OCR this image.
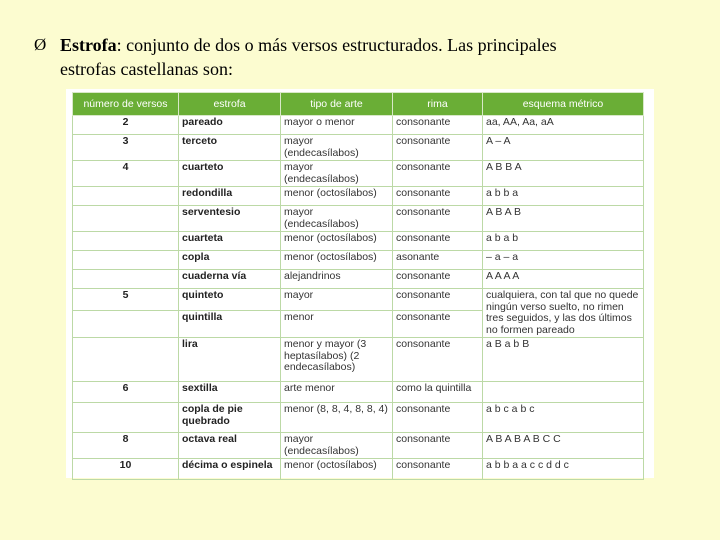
Ø Estrofa: conjunto de dos o más versos estructurados. Las principales
estrofas castellanas son:
número de versos	estrofa	tipo de arte	rima	esquema métrico
2	pareado	mayor o menor	consonante	aa, AA, Aa, aA
3	terceto	mayor (endecasílabos)	consonante	A – A
4	cuarteto	mayor (endecasílabos)	consonante	A B B A
	redondilla	menor (octosílabos)	consonante	a b b a
	serventesio	mayor (endecasílabos)	consonante	A B A B
	cuarteta	menor (octosílabos)	consonante	a b a b
	copla	menor (octosílabos)	asonante	– a – a
	cuaderna vía	alejandrinos	consonante	A A A A
5	quinteto	mayor	consonante	cualquiera, con tal que no quede ningún verso suelto, no rimen tres seguidos, y las dos últimos no formen pareado
	quintilla	menor	consonante	
	lira	menor y mayor (3 heptasílabos) (2 endecasílabos)	consonante	a B a b B
6	sextilla	arte menor	como la quintilla	
	copla de pie quebrado	menor (8, 8, 4, 8, 8, 4)	consonante	a b c a b c
8	octava real	mayor (endecasílabos)	consonante	A B A B A B C C
10	décima o espinela	menor (octosílabos)	consonante	a b b a a c c d d c
